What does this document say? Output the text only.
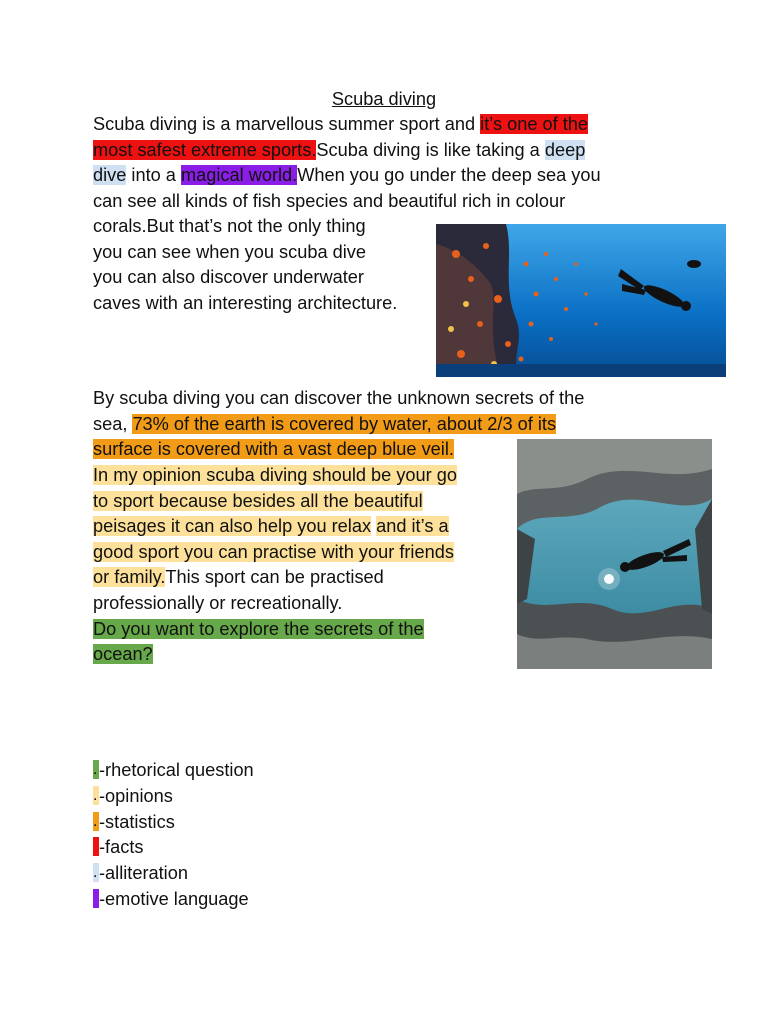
Scuba diving
Scuba diving is a marvellous summer sport and it’s one of the
most safest extreme sports.Scuba diving is like taking a deep
dive into a magical world.When you go under the deep sea you
can see all kinds of fish species and beautiful rich in colour
corals.But that’s not the only thing
you can see when you scuba dive
you can also discover underwater
caves with an interesting architecture.
By scuba diving you can discover the unknown secrets of the
sea, 73% of the earth is covered by water, about 2/3 of its
surface is covered with a vast deep blue veil.
In my opinion scuba diving should be your go
to sport because besides all the beautiful
peisages it can also help you relax and it’s a
good sport you can practise with your friends
or family.This sport can be practised
professionally or recreationally.
Do you want to explore the secrets of the
ocean?
.-rhetorical question
.-opinions
.-statistics
-facts
.-alliteration
-emotive language
